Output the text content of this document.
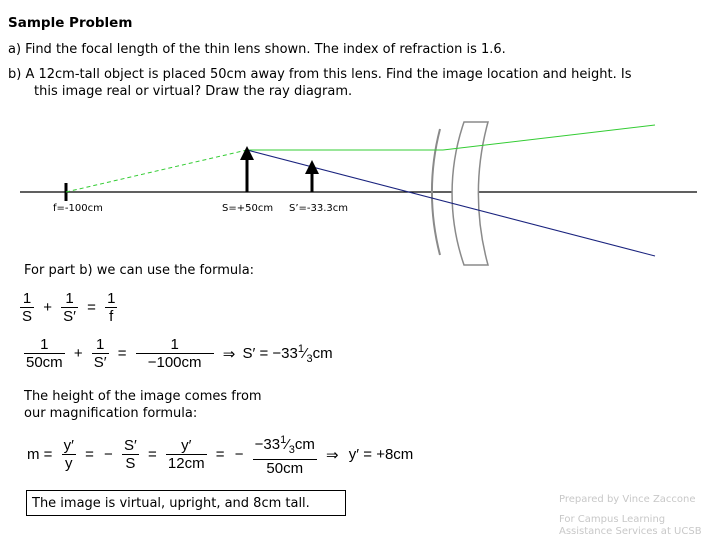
Sample Problem
a) Find the focal length of the thin lens shown. The index of refraction is 1.6.
b) A 12cm-tall object is placed 50cm away from this lens. Find the image location and height. Is
this image real or virtual? Draw the ray diagram.
f=-100cm	S=+50cm S’=-33.3cm
For part b) we can use the formula:
$\frac{1}{S} + \frac{1}{S'} = \frac{1}{f}$
$\frac{1}{50cm} + \frac{1}{S'} = \frac{1}{-100cm}$ ⇒ $S' = -33^1⁄_3cm$
The height of the image comes from
our magnification formula:
$m = \frac{y'}{y}$ = − $\frac{S'}{S} = \frac{y'}{12cm}$ = − $\frac{-33^1⁄_3cm}{50cm}$ ⇒ y′ = +8cm
The image is virtual, upright, and 8cm tall.	Prepared by Vince Zaccone
For Campus Learning
Assistance Services at UCSB
